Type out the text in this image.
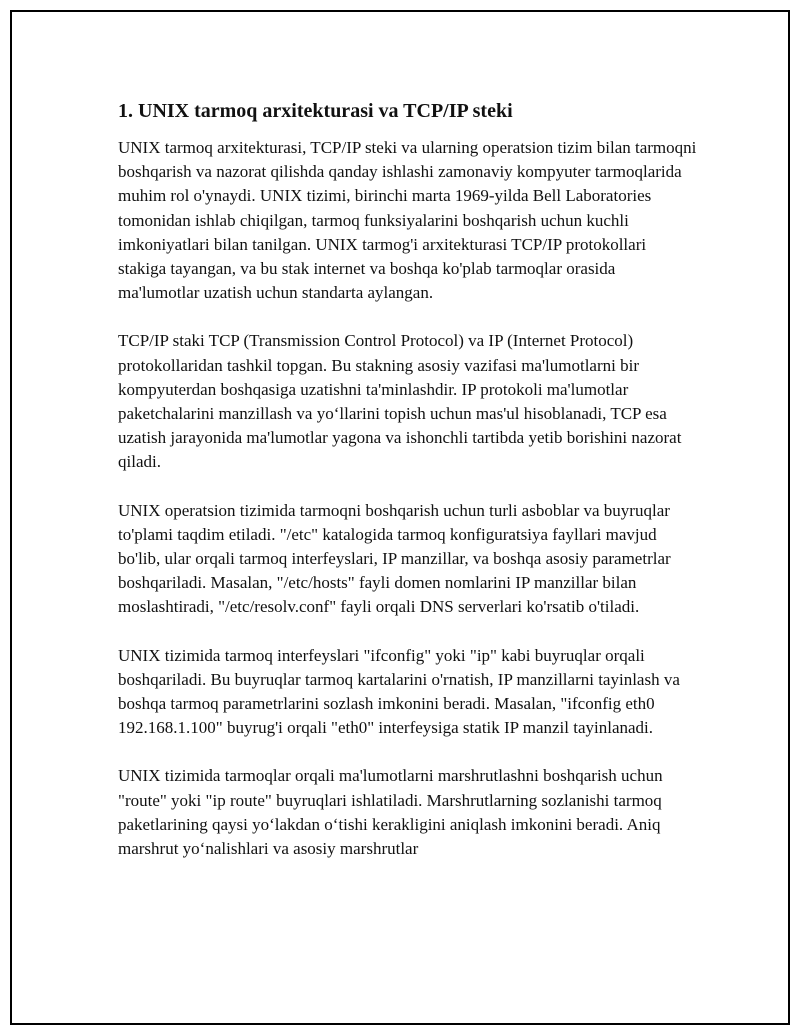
1. UNIX tarmoq arxitekturasi va TCP/IP steki

UNIX tarmoq arxitekturasi, TCP/IP steki va ularning operatsion tizim bilan tarmoqni boshqarish va nazorat qilishda qanday ishlashi zamonaviy kompyuter tarmoqlarida muhim rol o'ynaydi. UNIX tizimi, birinchi marta 1969-yilda Bell Laboratories tomonidan ishlab chiqilgan, tarmoq funksiyalarini boshqarish uchun kuchli imkoniyatlari bilan tanilgan. UNIX tarmog'i arxitekturasi TCP/IP protokollari stakiga tayangan, va bu stak internet va boshqa ko'plab tarmoqlar orasida ma'lumotlar uzatish uchun standarta aylangan.

TCP/IP staki TCP (Transmission Control Protocol) va IP (Internet Protocol) protokollaridan tashkil topgan. Bu stakning asosiy vazifasi ma'lumotlarni bir kompyuterdan boshqasiga uzatishni ta'minlashdir. IP protokoli ma'lumotlar paketchalarini manzillash va yo‘llarini topish uchun mas'ul hisoblanadi, TCP esa uzatish jarayonida ma'lumotlar yagona va ishonchli tartibda yetib borishini nazorat qiladi.

UNIX operatsion tizimida tarmoqni boshqarish uchun turli asboblar va buyruqlar to'plami taqdim etiladi. "/etc" katalogida tarmoq konfiguratsiya fayllari mavjud bo'lib, ular orqali tarmoq interfeyslari, IP manzillar, va boshqa asosiy parametrlar boshqariladi. Masalan, "/etc/hosts" fayli domen nomlarini IP manzillar bilan moslashtiradi, "/etc/resolv.conf" fayli orqali DNS serverlari ko'rsatib o'tiladi.

UNIX tizimida tarmoq interfeyslari "ifconfig" yoki "ip" kabi buyruqlar orqali boshqariladi. Bu buyruqlar tarmoq kartalarini o'rnatish, IP manzillarni tayinlash va boshqa tarmoq parametrlarini sozlash imkonini beradi. Masalan, "ifconfig eth0 192.168.1.100" buyrug'i orqali "eth0" interfeysiga statik IP manzil tayinlanadi.

UNIX tizimida tarmoqlar orqali ma'lumotlarni marshrutlashni boshqarish uchun "route" yoki "ip route" buyruqlari ishlatiladi. Marshrutlarning sozlanishi tarmoq paketlarining qaysi yo‘lakdan o‘tishi kerakligini aniqlash imkonini beradi. Aniq marshrut yo‘nalishlari va asosiy marshrutlar
